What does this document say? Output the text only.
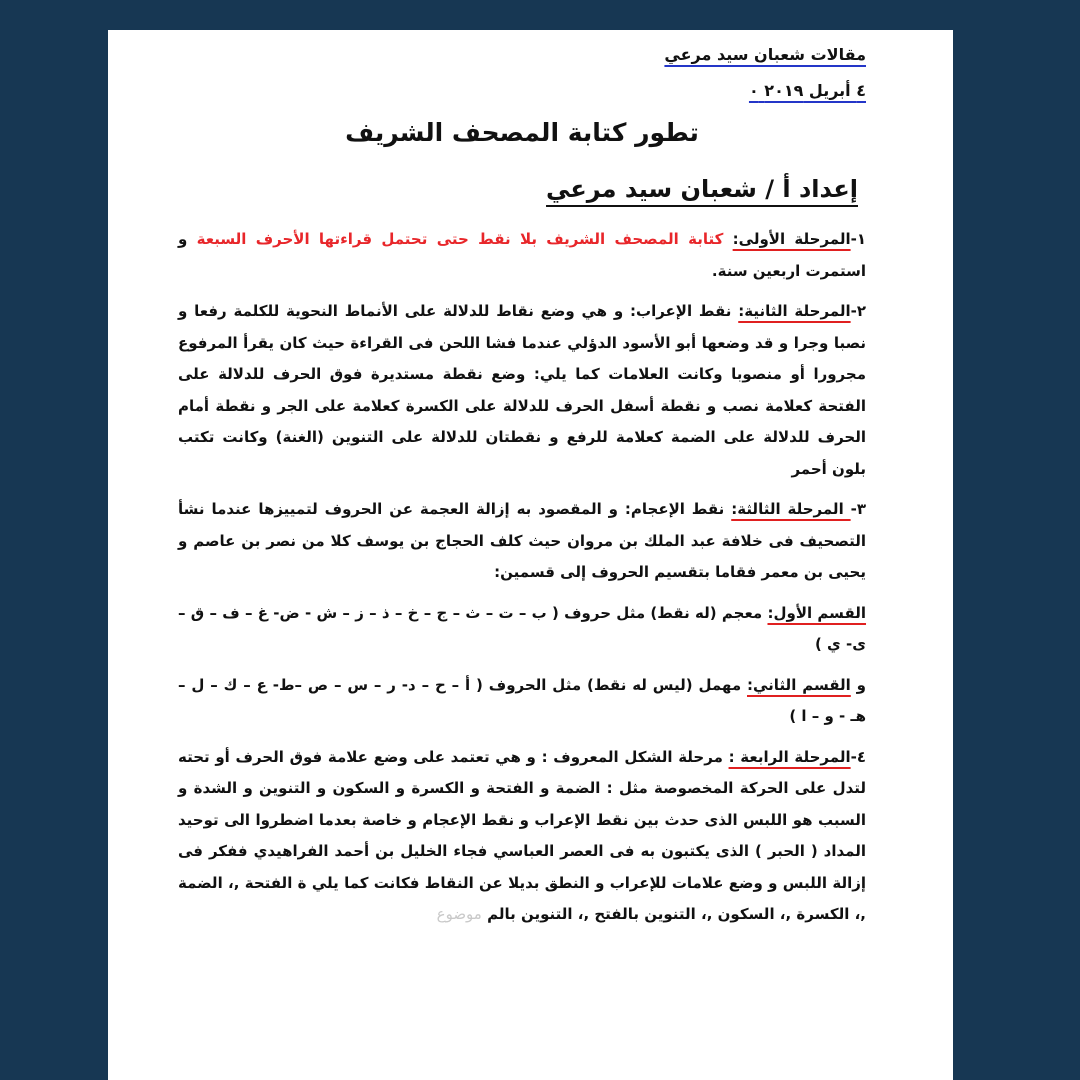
مقالات شعبان سيد مرعي

٤ أبريل ٢٠١٩ ٠

تطور كتابة المصحف الشريف

إعداد أ / شعبان سيد مرعي

١-المرحلة الأولى: كتابة المصحف الشريف بلا نقط حتى تحتمل قراءتها الأحرف السبعة و استمرت اربعين سنة.

٢-المرحلة الثانية: نقط الإعراب: و هي وضع نقاط للدلالة على الأنماط النحوية للكلمة رفعا و نصبا وجرا و قد وضعها أبو الأسود الدؤلي عندما فشا اللحن فى القراءة حيث كان يقرأ المرفوع مجرورا أو منصوبا وكانت العلامات كما يلي: وضع نقطة مستديرة فوق الحرف للدلالة على الفتحة كعلامة نصب و نقطة أسفل الحرف للدلالة على الكسرة كعلامة على الجر و نقطة أمام الحرف للدلالة على الضمة كعلامة للرفع و نقطتان للدلالة على التنوين (الغنة) وكانت تكتب بلون أحمر

٣- المرحلة الثالثة: نقط الإعجام: و المقصود به إزالة العجمة عن الحروف لتمييزها عندما نشأ التصحيف فى خلافة عبد الملك بن مروان حيث كلف الحجاج بن يوسف كلا من نصر بن عاصم و يحيى بن معمر فقاما بتقسيم الحروف إلى قسمين:

القسم الأول: معجم (له نقط) مثل حروف ( ب – ت – ث – ج – خ – ذ – ز – ش - ض- غ – ف – ق – ى- ي )

و القسم الثاني: مهمل (ليس له نقط) مثل الحروف ( أ – ح – د- ر – س – ص –ط- ع – ك – ل – هـ - و – ا )

٤-المرحلة الرابعة : مرحلة الشكل المعروف : و هي تعتمد على وضع علامة فوق الحرف أو تحته لتدل على الحركة المخصوصة مثل : الضمة و الفتحة و الكسرة و السكون و التنوين و الشدة و السبب هو اللبس الذى حدث بين نقط الإعراب و نقط الإعجام و خاصة بعدما اضطروا الى توحيد المداد ( الحبر ) الذى يكتبون به فى العصر العباسي فجاء الخليل بن أحمد الفراهيدي ففكر فى إزالة اللبس و وضع علامات للإعراب و النطق بديلا عن النقاط فكانت كما يلي ة الفتحة ,، الضمة ,، الكسرة ,، السكون ,، التنوين بالفتح ,، التنوين بالم موضوع
